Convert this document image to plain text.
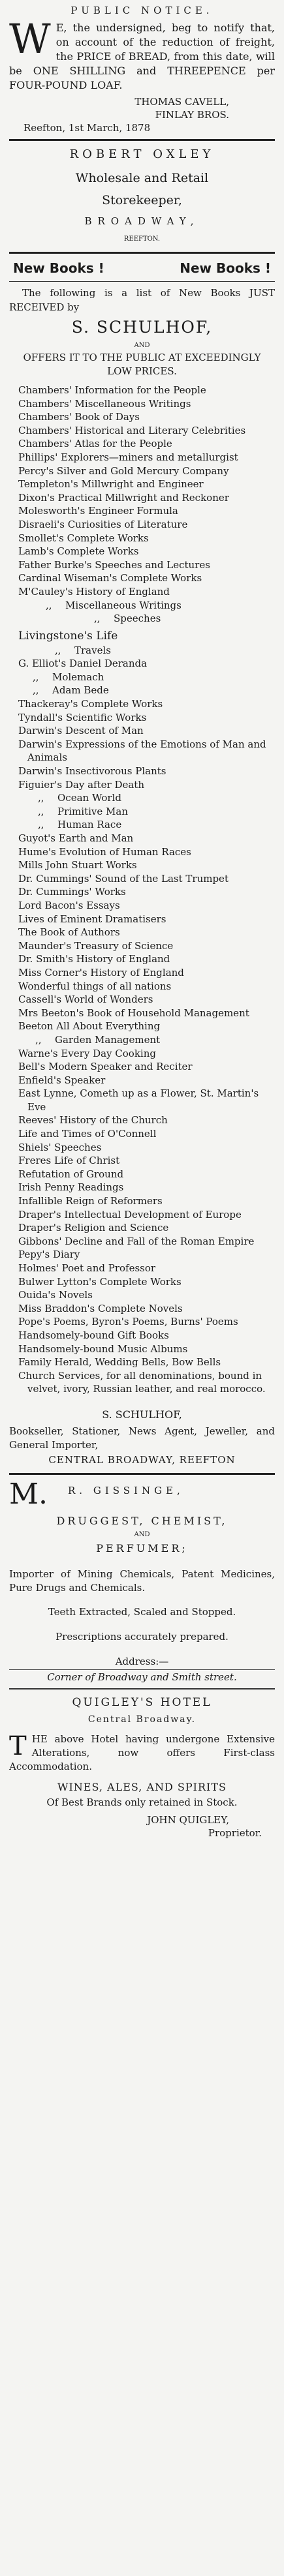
PUBLIC NOTICE.
W E, the undersigned, beg to notify that, on account of the reduction of freight, the PRICE of BREAD, from this date, will be ONE SHILLING and THREEPENCE per FOUR-POUND LOAF.
THOMAS CAVELL,
FINLAY BROS.
Reefton, 1st March, 1878
ROBERT OXLEY
Wholesale and Retail
Storekeeper,
BROADWAY,
REEFTON.
New Books !	New Books !
The following is a list of New Books JUST RECEIVED by
S. SCHULHOF,
AND
OFFERS IT TO THE PUBLIC AT EXCEEDINGLY LOW PRICES.
Chambers' Information for the People
Chambers' Miscellaneous Writings
Chambers' Book of Days
Chambers' Historical and Literary Celebrities
Chambers' Atlas for the People
Phillips' Explorers—miners and metallurgist
Percy's Silver and Gold Mercury Company
Templeton's Millwright and Engineer
Dixon's Practical Millwright and Reckoner
Molesworth's Engineer Formula
Disraeli's Curiosities of Literature
Smollet's Complete Works
Lamb's Complete Works
Father Burke's Speeches and Lectures
Cardinal Wiseman's Complete Works
M'Cauley's History of England
,, Miscellaneous Writings
,, Speeches
Livingstone's Life
,, Travels
G. Elliot's Daniel Deranda
,, Molemach
,, Adam Bede
Thackeray's Complete Works
Tyndall's Scientific Works
Darwin's Descent of Man
Darwin's Expressions of the Emotions of Man and Animals
Darwin's Insectivorous Plants
Figuier's Day after Death
,, Ocean World
,, Primitive Man
,, Human Race
Guyot's Earth and Man
Hume's Evolution of Human Races
Mills John Stuart Works
Dr. Cummings' Sound of the Last Trumpet
Dr. Cummings' Works
Lord Bacon's Essays
Lives of Eminent Dramatisers
The Book of Authors
Maunder's Treasury of Science
Dr. Smith's History of England
Miss Corner's History of England
Wonderful things of all nations
Cassell's World of Wonders
Mrs Beeton's Book of Household Management
Beeton All About Everything
,, Garden Management
Warne's Every Day Cooking
Bell's Modern Speaker and Reciter
Enfield's Speaker
East Lynne, Cometh up as a Flower, St. Martin's Eve
Reeves' History of the Church
Life and Times of O'Connell
Shiels' Speeches
Freres Life of Christ
Refutation of Ground
Irish Penny Readings
Infallible Reign of Reformers
Draper's Intellectual Development of Europe
Draper's Religion and Science
Gibbons' Decline and Fall of the Roman Empire
Pepy's Diary
Holmes' Poet and Professor
Bulwer Lytton's Complete Works
Ouida's Novels
Miss Braddon's Complete Novels
Pope's Poems, Byron's Poems, Burns' Poems
Handsomely-bound Gift Books
Handsomely-bound Music Albums
Family Herald, Wedding Bells, Bow Bells
Church Services, for all denominations, bound in velvet, ivory, Russian leather, and real morocco.
S. SCHULHOF,
Bookseller, Stationer, News Agent, Jeweller, and General Importer,
CENTRAL BROADWAY, REEFTON
M. R. GISSINGE,
DRUGGEST, CHEMIST,
AND
PERFUMER;
Importer of Mining Chemicals, Patent Medicines, Pure Drugs and Chemicals.
Teeth Extracted, Scaled and Stopped.
Prescriptions accurately prepared.
Address:—
Corner of Broadway and Smith street.
QUIGLEY'S HOTEL
Central Broadway.
THE above Hotel having undergone Extensive Alterations, now offers First-class Accommodation.
WINES, ALES, AND SPIRITS
Of Best Brands only retained in Stock.
JOHN QUIGLEY,
Proprietor.
